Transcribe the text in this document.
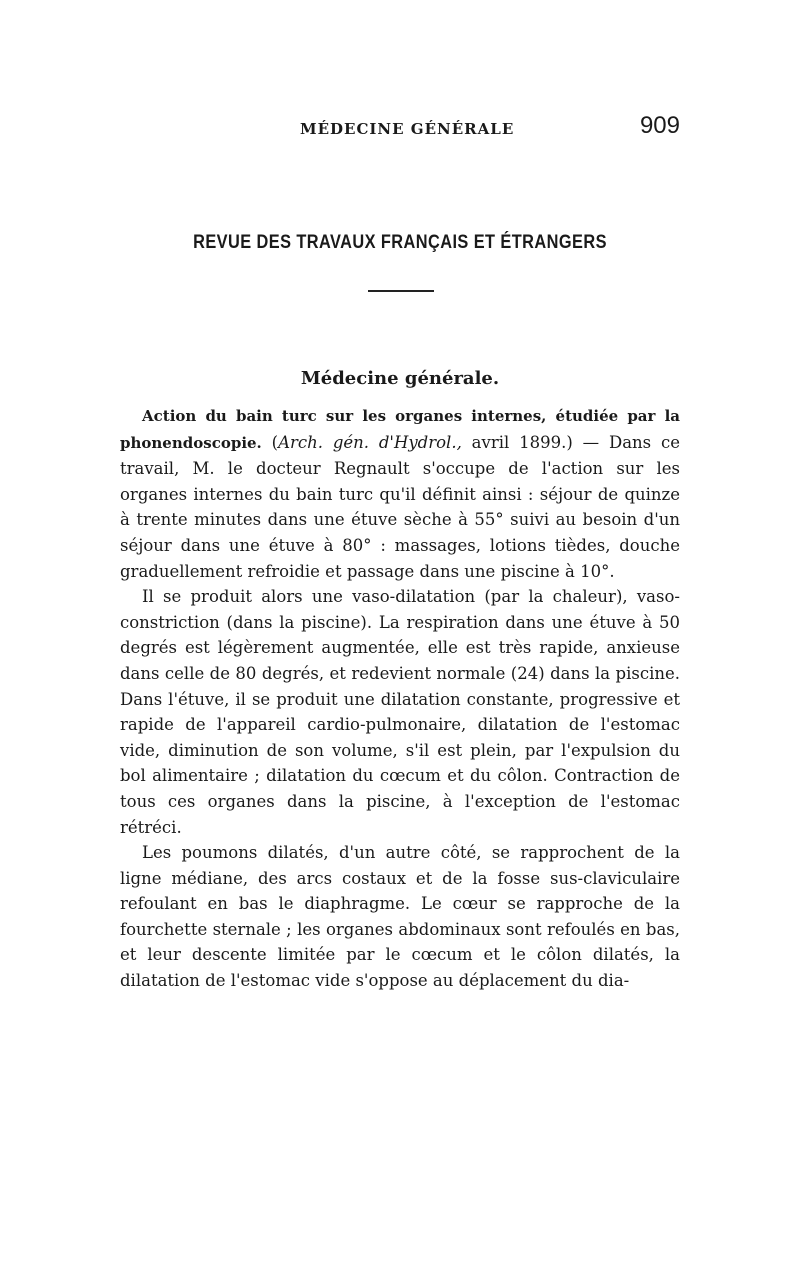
MÉDECINE GÉNÉRALE	909
REVUE DES TRAVAUX FRANÇAIS ET ÉTRANGERS
Médecine générale.

Action du bain turc sur les organes internes, étudiée par la phonendoscopie. (Arch. gén. d'Hydrol., avril 1899.) — Dans ce travail, M. le docteur Regnault s'occupe de l'action sur les organes internes du bain turc qu'il définit ainsi : séjour de quinze à trente minutes dans une étuve sèche à 55° suivi au besoin d'un séjour dans une étuve à 80° : massages, lotions tièdes, douche graduellement refroidie et passage dans une piscine à 10°.

Il se produit alors une vaso-dilatation (par la chaleur), vaso-constriction (dans la piscine). La respiration dans une étuve à 50 degrés est légèrement augmentée, elle est très rapide, anxieuse dans celle de 80 degrés, et redevient normale (24) dans la piscine. Dans l'étuve, il se produit une dilatation constante, progressive et rapide de l'appareil cardio-pulmonaire, dilatation de l'estomac vide, diminution de son volume, s'il est plein, par l'expulsion du bol alimentaire ; dilatation du cœcum et du côlon. Contraction de tous ces organes dans la piscine, à l'exception de l'estomac rétréci.

Les poumons dilatés, d'un autre côté, se rapprochent de la ligne médiane, des arcs costaux et de la fosse sus-claviculaire refoulant en bas le diaphragme. Le cœur se rapproche de la fourchette sternale ; les organes abdominaux sont refoulés en bas, et leur descente limitée par le cœcum et le côlon dilatés, la dilatation de l'estomac vide s'oppose au déplacement du dia-
